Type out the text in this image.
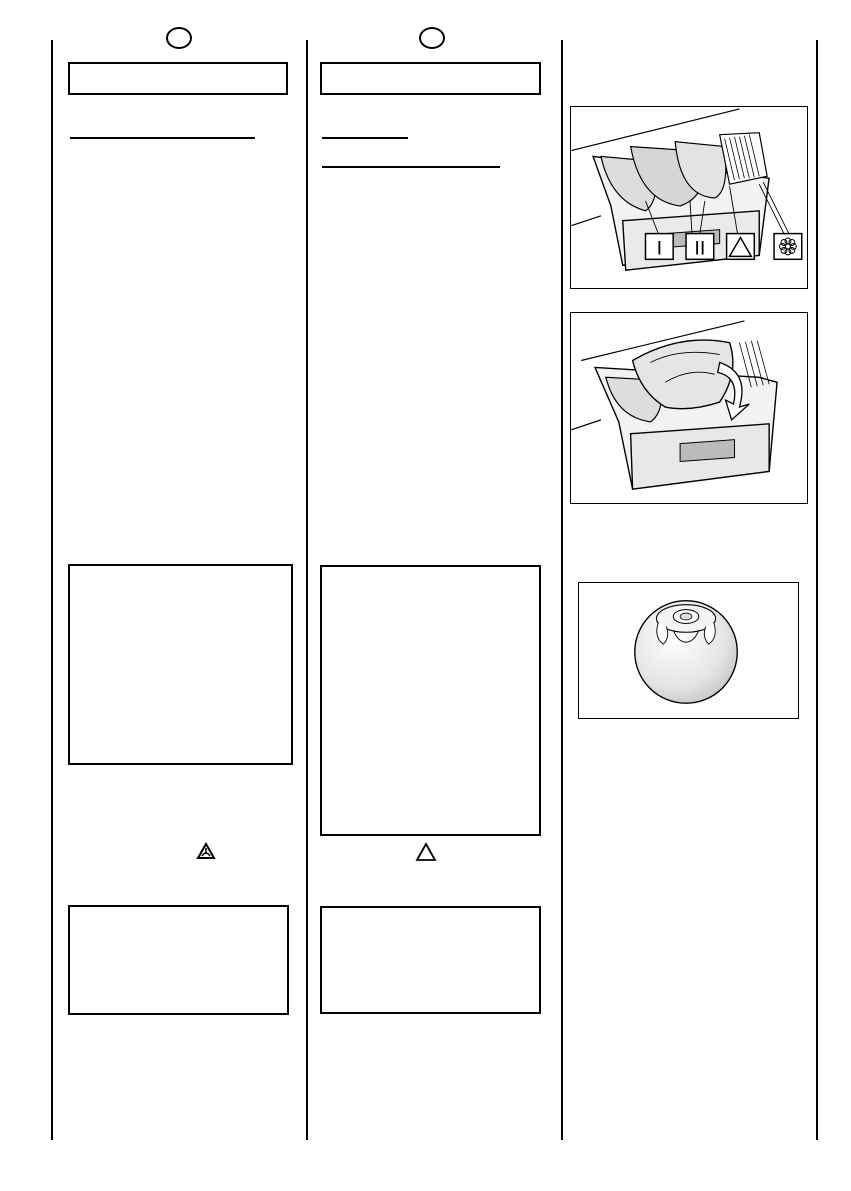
I II
